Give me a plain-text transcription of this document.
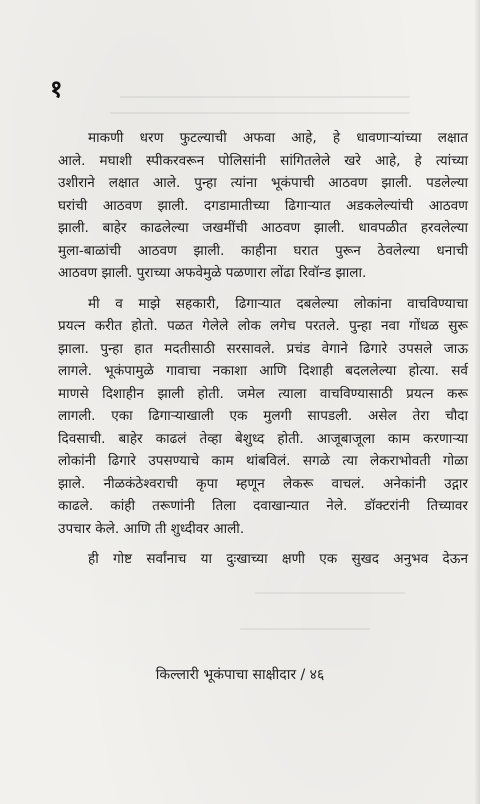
१
माकणी धरण फुटल्याची अफवा आहे, हे धावणाऱ्यांच्या लक्षात
आले. मघाशी स्पीकरवरून पोलिसांनी सांगितलेले खरे आहे, हे त्यांच्या
उशीराने लक्षात आले. पुन्हा त्यांना भूकंपाची आठवण झाली. पडलेल्या
घरांची आठवण झाली. दगडामातीच्या ढिगाऱ्यात अडकलेल्यांची आठवण
झाली. बाहेर काढलेल्या जखमींची आठवण झाली. धावपळीत हरवलेल्या
मुला-बाळांची आठवण झाली. काहीना घरात पुरून ठेवलेल्या धनाची
आठवण झाली. पुराच्या अफवेमुळे पळणारा लोंढा रिवॉन्ड झाला.
मी व माझे सहकारी, ढिगाऱ्यात दबलेल्या लोकांना वाचविण्याचा
प्रयत्न करीत होतो. पळत गेलेले लोक लगेच परतले. पुन्हा नवा गोंधळ सुरू
झाला. पुन्हा हात मदतीसाठी सरसावले. प्रचंड वेगाने ढिगारे उपसले जाऊ
लागले. भूकंपामुळे गावाचा नकाशा आणि दिशाही बदललेल्या होत्या. सर्व
माणसे दिशाहीन झाली होती. जमेल त्याला वाचविण्यासाठी प्रयत्न करू
लागली. एका ढिगाऱ्याखाली एक मुलगी सापडली. असेल तेरा चौदा
दिवसाची. बाहेर काढलं तेव्हा बेशुध्द होती. आजूबाजूला काम करणाऱ्या
लोकांनी ढिगारे उपसण्याचे काम थांबविलं. सगळे त्या लेकराभोवती गोळा
झाले. नीळकंठेश्वराची कृपा म्हणून लेकरू वाचलं. अनेकांनी उद्गार
काढले. कांही तरूणांनी तिला दवाखान्यात नेले. डॉक्टरांनी तिच्यावर
उपचार केले. आणि ती शुध्दीवर आली.
ही गोष्ट सर्वांनाच या दुःखाच्या क्षणी एक सुखद अनुभव देऊन
किल्लारी भूकंपाचा साक्षीदार / ४६
